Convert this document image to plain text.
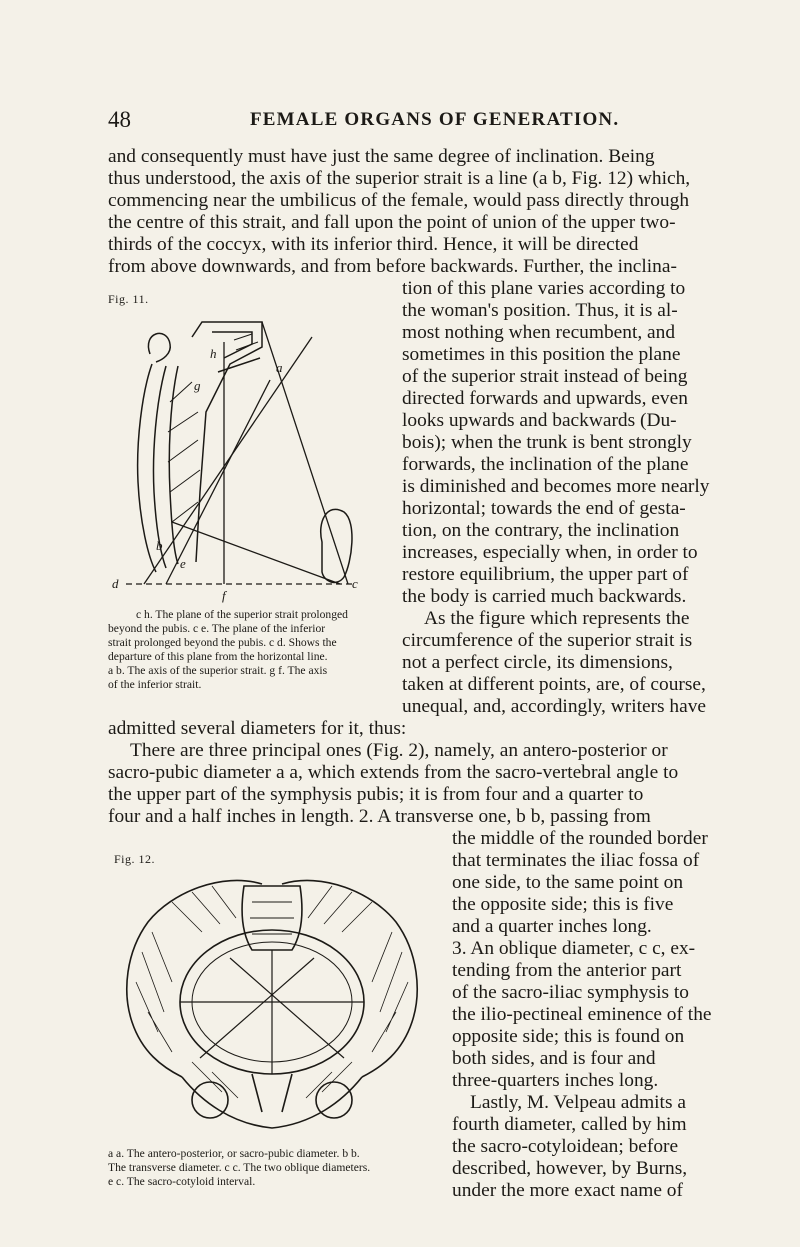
48	FEMALE ORGANS OF GENERATION.
and consequently must have just the same degree of inclination. Being
thus understood, the axis of the superior strait is a line (a b, Fig. 12) which,
commencing near the umbilicus of the female, would pass directly through
the centre of this strait, and fall upon the point of union of the upper two-
thirds of the coccyx, with its inferior third. Hence, it will be directed
from above downwards, and from before backwards. Further, the inclina-
tion of this plane varies according to
the woman's position. Thus, it is al-
most nothing when recumbent, and
sometimes in this position the plane
of the superior strait instead of being
directed forwards and upwards, even
looks upwards and backwards (Du-
bois); when the trunk is bent strongly
forwards, the inclination of the plane
is diminished and becomes more nearly
horizontal; towards the end of gesta-
tion, on the contrary, the inclination
increases, especially when, in order to
restore equilibrium, the upper part of
the body is carried much backwards.
As the figure which represents the
circumference of the superior strait is
not a perfect circle, its dimensions,
taken at different points, are, of course,
unequal, and, accordingly, writers have
admitted several diameters for it, thus:
There are three principal ones (Fig. 2), namely, an antero-posterior or
sacro-pubic diameter a a, which extends from the sacro-vertebral angle to
the upper part of the symphysis pubis; it is from four and a quarter to
four and a half inches in length. 2. A transverse one, b b, passing from
the middle of the rounded border
that terminates the iliac fossa of
one side, to the same point on
the opposite side; this is five
and a quarter inches long.
3. An oblique diameter, c c, ex-
tending from the anterior part
of the sacro-iliac symphysis to
the ilio-pectineal eminence of the
opposite side; this is found on
both sides, and is four and
three-quarters inches long.
Lastly, M. Velpeau admits a
fourth diameter, called by him
the sacro-cotyloidean; before
described, however, by Burns,
under the more exact name of
Fig. 11.
a
b
c
d
e
f
g
h
c h. The plane of the superior strait prolonged
beyond the pubis. c e. The plane of the inferior
strait prolonged beyond the pubis. c d. Shows the
departure of this plane from the horizontal line.
a b. The axis of the superior strait. g f. The axis
of the inferior strait.
Fig. 12.
a a. The antero-posterior, or sacro-pubic diameter. b b.
The transverse diameter. c c. The two oblique diameters.
e c. The sacro-cotyloid interval.
